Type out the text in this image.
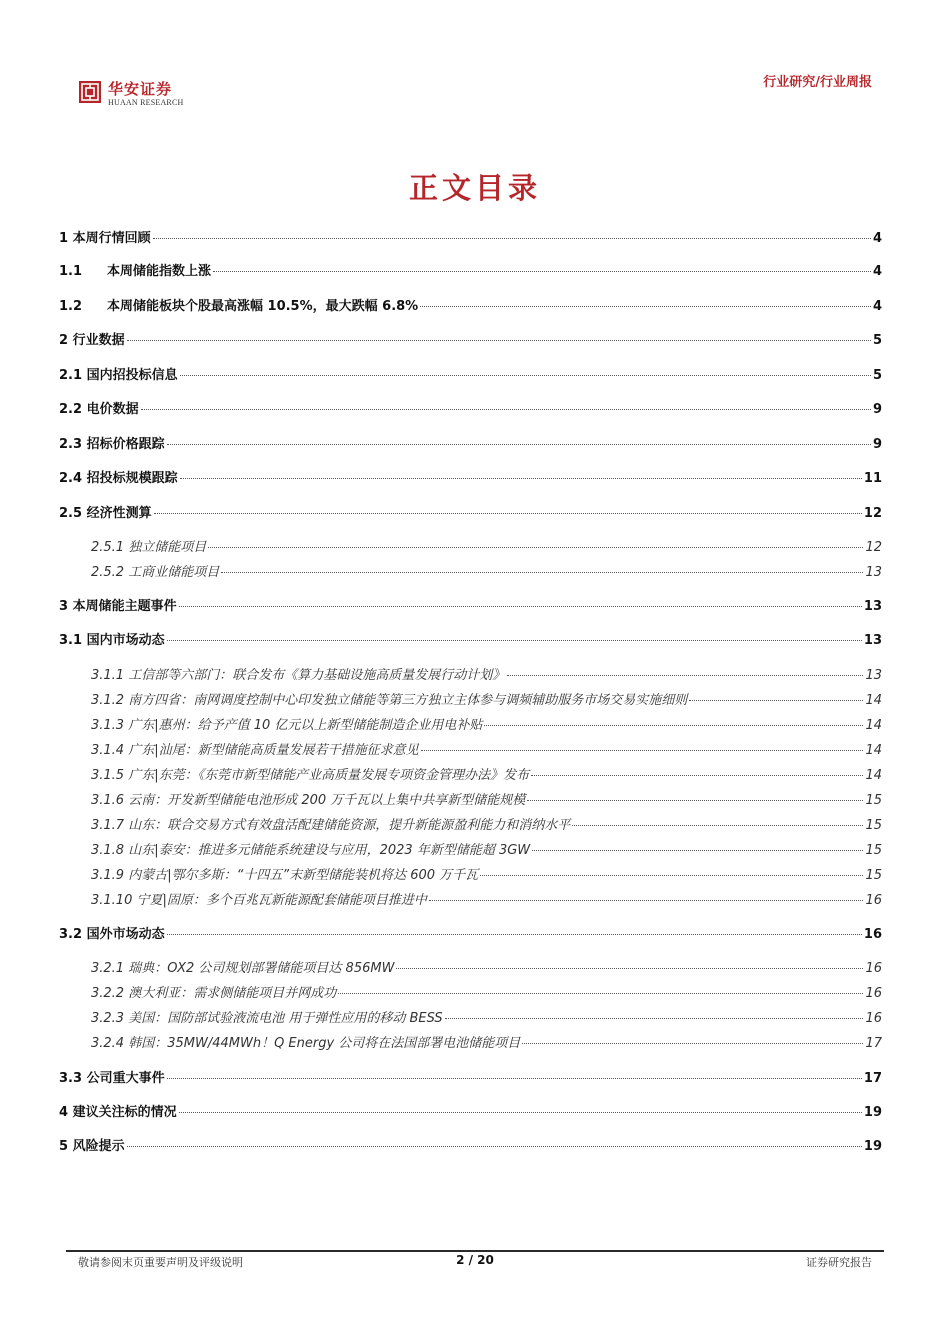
华安证券
HUAAN RESEARCH
行业研究/行业周报
正文目录
1 本周行情回顾	4
1.1 本周储能指数上涨	4
1.2 本周储能板块个股最高涨幅 10.5%，最大跌幅 6.8%	4
2 行业数据	5
2.1 国内招投标信息	5
2.2 电价数据	9
2.3 招标价格跟踪	9
2.4 招投标规模跟踪	11
2.5 经济性测算	12
2.5.1 独立储能项目	12
2.5.2 工商业储能项目	13
3 本周储能主题事件	13
3.1 国内市场动态	13
3.1.1 工信部等六部门：联合发布《算力基础设施高质量发展行动计划》	13
3.1.2 南方四省：南网调度控制中心印发独立储能等第三方独立主体参与调频辅助服务市场交易实施细则	14
3.1.3 广东|惠州：给予产值 10 亿元以上新型储能制造企业用电补贴	14
3.1.4 广东|汕尾：新型储能高质量发展若干措施征求意见	14
3.1.5 广东|东莞：《东莞市新型储能产业高质量发展专项资金管理办法》发布	14
3.1.6 云南：开发新型储能电池形成 200 万千瓦以上集中共享新型储能规模	15
3.1.7 山东：联合交易方式有效盘活配建储能资源，提升新能源盈利能力和消纳水平	15
3.1.8 山东|泰安：推进多元储能系统建设与应用，2023 年新型储能超 3GW	15
3.1.9 内蒙古|鄂尔多斯：“十四五”末新型储能装机将达 600 万千瓦	15
3.1.10 宁夏|固原：多个百兆瓦新能源配套储能项目推进中	16
3.2 国外市场动态	16
3.2.1 瑞典：OX2 公司规划部署储能项目达 856MW	16
3.2.2 澳大利亚：需求侧储能项目并网成功	16
3.2.3 美国：国防部试验液流电池 用于弹性应用的移动 BESS	16
3.2.4 韩国：35MW/44MWh！Q Energy 公司将在法国部署电池储能项目	17
3.3 公司重大事件	17
4 建议关注标的情况	19
5 风险提示	19
敬请参阅末页重要声明及评级说明	2 / 20	证券研究报告
